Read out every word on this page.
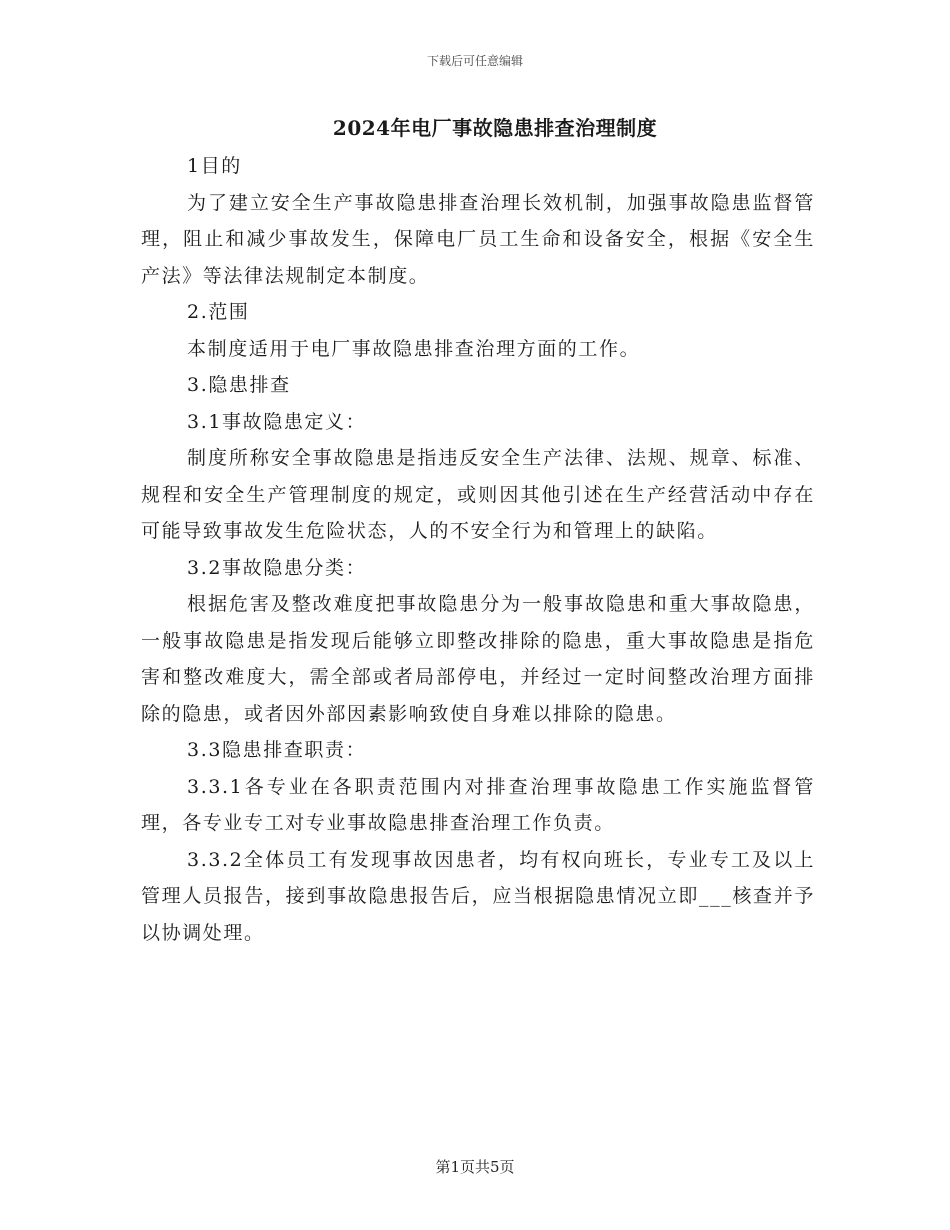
下载后可任意编辑
2024年电厂事故隐患排查治理制度

1目的

为了建立安全生产事故隐患排查治理长效机制，加强事故隐患监督管理，阻止和减少事故发生，保障电厂员工生命和设备安全，根据《安全生产法》等法律法规制定本制度。

2.范围

本制度适用于电厂事故隐患排查治理方面的工作。

3.隐患排查

3.1事故隐患定义：

制度所称安全事故隐患是指违反安全生产法律、法规、规章、标准、规程和安全生产管理制度的规定，或则因其他引述在生产经营活动中存在可能导致事故发生危险状态，人的不安全行为和管理上的缺陷。

3.2事故隐患分类：

根据危害及整改难度把事故隐患分为一般事故隐患和重大事故隐患，一般事故隐患是指发现后能够立即整改排除的隐患，重大事故隐患是指危害和整改难度大，需全部或者局部停电，并经过一定时间整改治理方面排除的隐患，或者因外部因素影响致使自身难以排除的隐患。

3.3隐患排查职责：

3.3.1各专业在各职责范围内对排查治理事故隐患工作实施监督管理，各专业专工对专业事故隐患排查治理工作负责。

3.3.2全体员工有发现事故因患者，均有权向班长，专业专工及以上管理人员报告，接到事故隐患报告后，应当根据隐患情况立即___核查并予以协调处理。

第1页共5页
